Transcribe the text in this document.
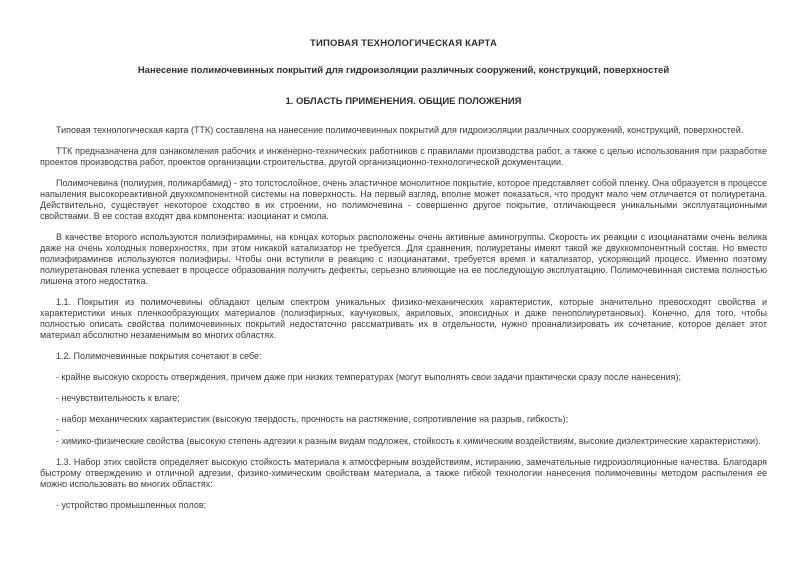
ТИПОВАЯ ТЕХНОЛОГИЧЕСКАЯ КАРТА
Нанесение полимочевинных покрытий для гидроизоляции различных сооружений, конструкций, поверхностей
1. ОБЛАСТЬ ПРИМЕНЕНИЯ. ОБЩИЕ ПОЛОЖЕНИЯ

Типовая технологическая карта (ТТК) составлена на нанесение полимочевинных покрытий для гидроизоляции различных сооружений, конструкций, поверхностей.

ТТК предназначена для ознакомления рабочих и инженерно-технических работников с правилами производства работ, а также с целью использования при разработке проектов производства работ, проектов организации строительства, другой организационно-технологической документации.

Полимочевина (полиурия, поликарбамид) - это толстослойное, очень эластичное монолитное покрытие, которое представляет собой пленку. Она образуется в процессе напыления высокореактивной двухкомпонентной системы на поверхность. На первый взгляд, вполне может показаться, что продукт мало чем отличается от полиуретана. Действительно, существует некоторое сходство в их строении, но полимочевина - совершенно другое покрытие, отличающееся уникальными эксплуатационными свойствами. В ее состав входят два компонента: изоцианат и смола.

В качестве второго используются полиэфирамины, на концах которых расположены очень активные аминогруппы. Скорость их реакции с изоцианатами очень велика даже на очень холодных поверхностях, при этом никакой катализатор не требуется. Для сравнения, полиуретаны имеют такой же двухкомпонентный состав. Но вместо полиэфираминов используются полиэфиры. Чтобы они вступили в реакцию с изоцианатами, требуется время и катализатор, ускоряющий процесс. Именно поэтому полиуретановая пленка успевает в процессе образования получить дефекты, серьезно влияющие на ее последующую эксплуатацию. Полимочевинная система полностью лишена этого недостатка.

1.1. Покрытия из полимочевины обладают целым спектром уникальных физико-механических характеристик, которые значительно превосходят свойства и характеристики иных пленкообразующих материалов (полиэфирных, каучуковых, акриловых, эпоксидных и даже пенополиуретановых). Конечно, для того, чтобы полностью описать свойства полимочевинных покрытий недостаточно рассматривать их в отдельности, нужно проанализировать их сочетание, которое делает этот материал абсолютно незаменимым во многих областях.

1.2. Полимочевинные покрытия сочетают в себе:

- крайне высокую скорость отверждения, причем даже при низких температурах (могут выполнять свои задачи практически сразу после нанесения);

- нечувствительность к влаге;

- набор механических характеристик (высокую твердость, прочность на растяжение, сопротивление на разрыв, гибкость);

-

- химико-физические свойства (высокую степень адгезии к разным видам подложек, стойкость к химическим воздействиям, высокие диэлектрические характеристики).

1.3. Набор этих свойств определяет высокую стойкость материала к атмосферным воздействиям, истиранию, замечательные гидроизоляционные качества. Благодаря быстрому отверждению и отличной адгезии, физико-химическим свойствам материала, а также гибкой технологии нанесения полимочевины методом распыления ее можно использовать во многих областях:

- устройство промышленных полов;
